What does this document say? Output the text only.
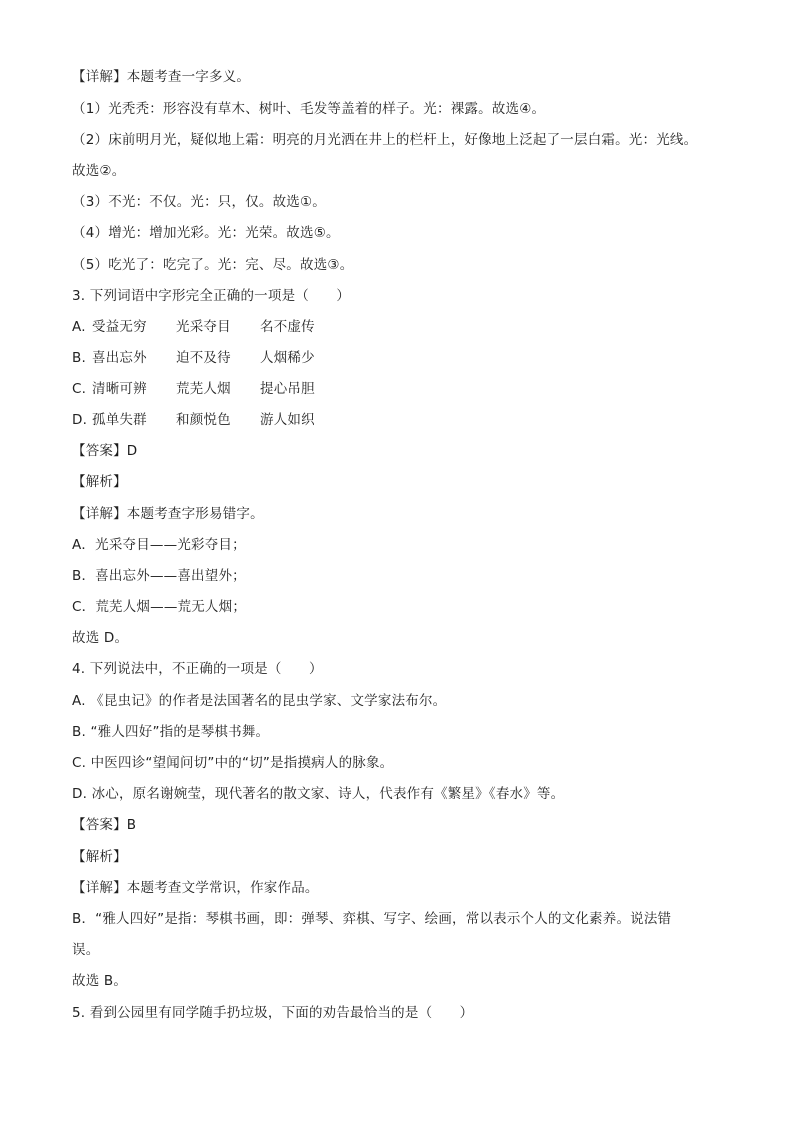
【详解】本题考查一字多义。
（1）光秃秃：形容没有草木、树叶、毛发等盖着的样子。光：裸露。故选④。
（2）床前明月光，疑似地上霜：明亮的月光洒在井上的栏杆上，好像地上泛起了一层白霜。光：光线。
故选②。
（3）不光：不仅。光：只，仅。故选①。
（4）增光：增加光彩。光：光荣。故选⑤。
（5）吃光了：吃完了。光：完、尽。故选③。
3. 下列词语中字形完全正确的一项是（　　）
A. 受益无穷	光采夺目	名不虚传
B. 喜出忘外	迫不及待	人烟稀少
C. 清晰可辨	荒芜人烟	提心吊胆
D. 孤单失群	和颜悦色	游人如织
【答案】D
【解析】
【详解】本题考查字形易错字。
A．光采夺目——光彩夺目；
B．喜出忘外——喜出望外；
C．荒芜人烟——荒无人烟；
故选 D。
4. 下列说法中，不正确的一项是（　　）
A. 《昆虫记》的作者是法国著名的昆虫学家、文学家法布尔。
B. “雅人四好”指的是琴棋书舞。
C. 中医四诊“望闻问切”中的“切”是指摸病人的脉象。
D. 冰心，原名谢婉莹，现代著名的散文家、诗人，代表作有《繁星》《春水》等。
【答案】B
【解析】
【详解】本题考查文学常识，作家作品。
B．“雅人四好”是指：琴棋书画，即：弹琴、弈棋、写字、绘画，常以表示个人的文化素养。说法错
误。
故选 B。
5. 看到公园里有同学随手扔垃圾，下面的劝告最恰当的是（　　）
